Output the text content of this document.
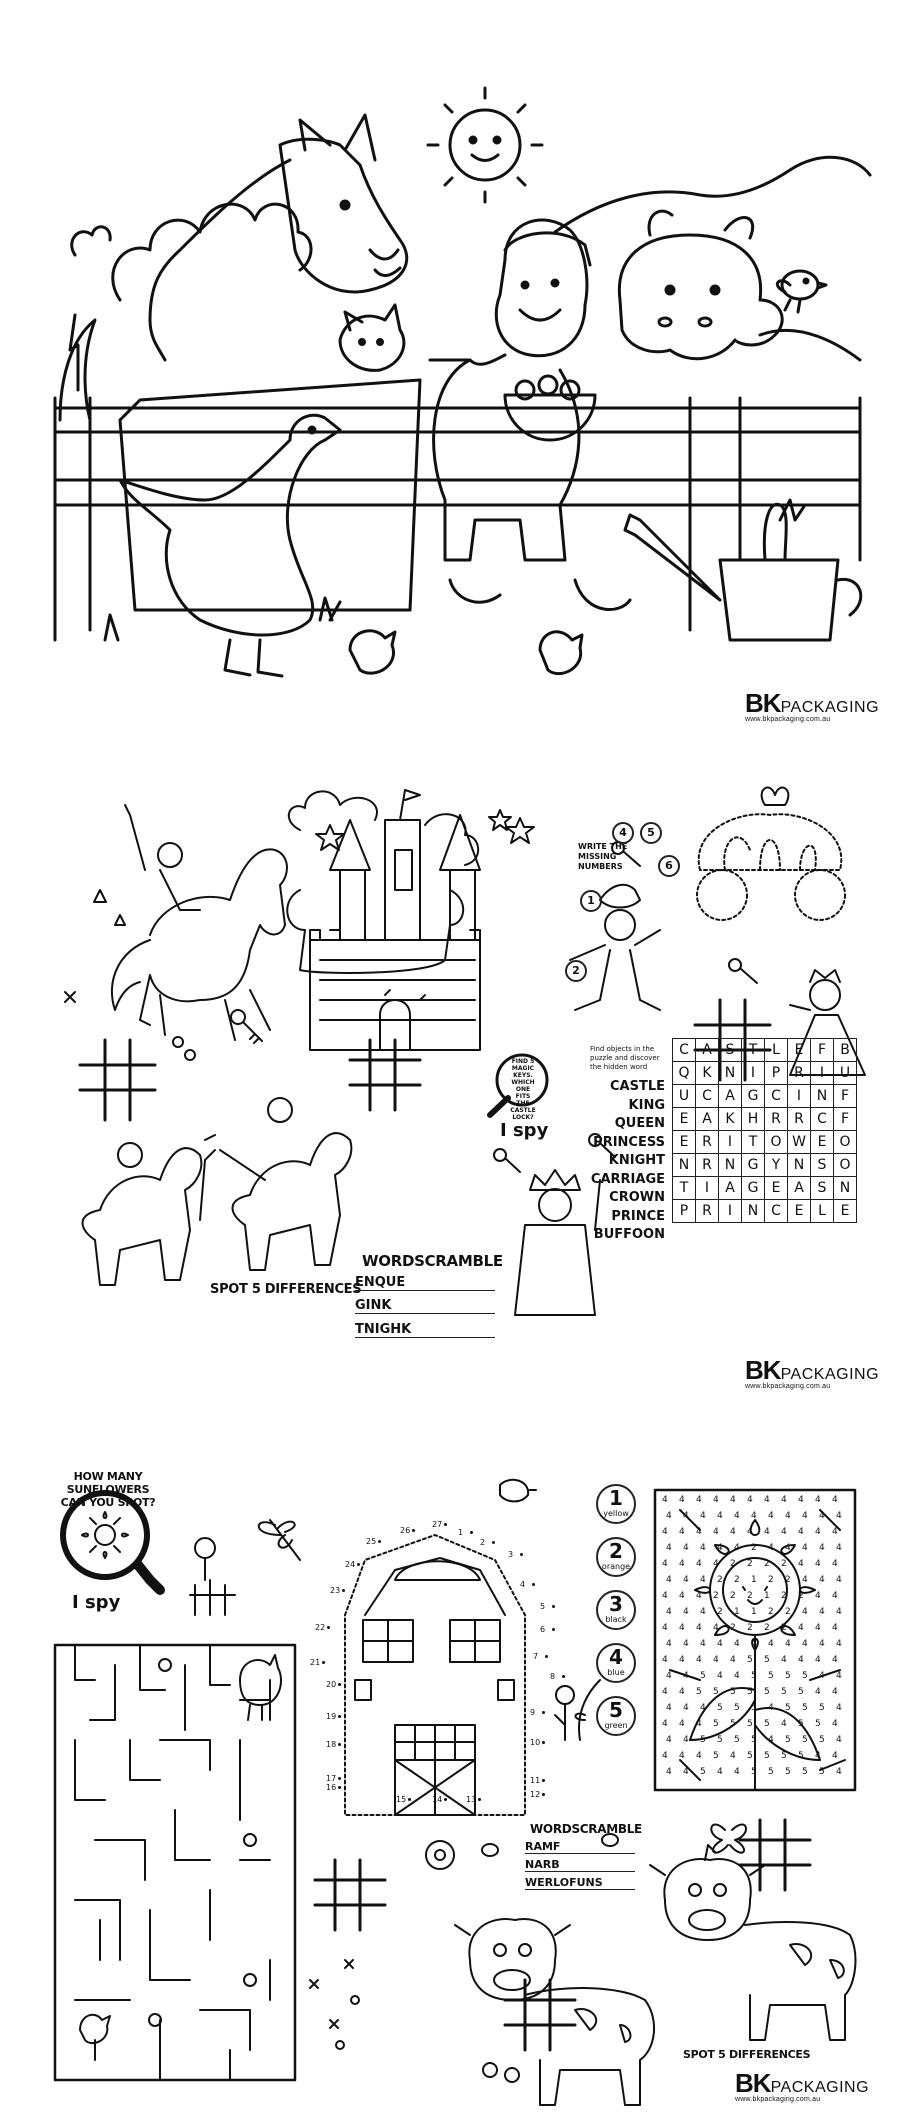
BKPACKAGING
www.bkpackaging.com.au
WRITE THE MISSING NUMBERS
1
2
4	5
6
FIND 5 MAGIC KEYS. WHICH ONE FITS THE CASTLE LOCK?
I spy
SPOT 5 DIFFERENCES
WORDSCRAMBLE
ENQUE
GINK
TNIGHK
Find objects in the puzzle and discover the hidden word
CASTLE
KING
QUEEN
PRINCESS
KNIGHT
CARRIAGE
CROWN
PRINCE
BUFFOON
C	A	S	T	L	E	F	B
Q	K	N	I	P	R	I	U
U	C	A	G	C	I	N	F
E	A	K	H	R	R	C	F
E	R	I	T	O	W	E	O
N	R	N	G	Y	N	S	O
T	I	A	G	E	A	S	N
P	R	I	N	C	E	L	E
BKPACKAGING
www.bkpackaging.com.au
HOW MANY SUNFLOWERS CAN YOU SPOT?
I spy
1
yellow
2
orange
3
black
4
blue
5
green
27
1
2
3
4
5
6
7
8
9
10
11
12
13
14
15
16
17
18
19
20
21
22
23
24
25
26
4 4 4 4 4 4 4 4 4 4 4
4 4 4 4 4 4 4 4 4 4 4
4 4 4 4 4 4 4 4 4 4 4
4 4 4 4 4 2 4 4 4 4 4
4 4 4 4 2 2 2 2 4 4 4
4 4 4 2 2 1 2 2 4 4 4
4 4 4 2 2 2 1 2 2 4 4
4 4 4 2 1 1 2 2 4 4 4
4 4 4 4 2 2 2 2 4 4 4
4 4 4 4 4 4 4 4 4 4 4
4 4 4 4 4 5 5 4 4 4 4
4 4 5 4 4 5 5 5 5 4 4
4 4 5 5 5 5 5 5 5 4 4
4 4 4 5 5 5 4 5 5 5 4
4 4 4 5 5 5 5 4 5 5 4
4 4 5 5 5 5 4 5 5 5 4
4 4 4 5 4 5 5 5 5 4 4
4 4 5 4 4 5 5 5 5 5 4
WORDSCRAMBLE
RAMF
NARB
WERLOFUNS
SPOT 5 DIFFERENCES
BKPACKAGING
www.bkpackaging.com.au
